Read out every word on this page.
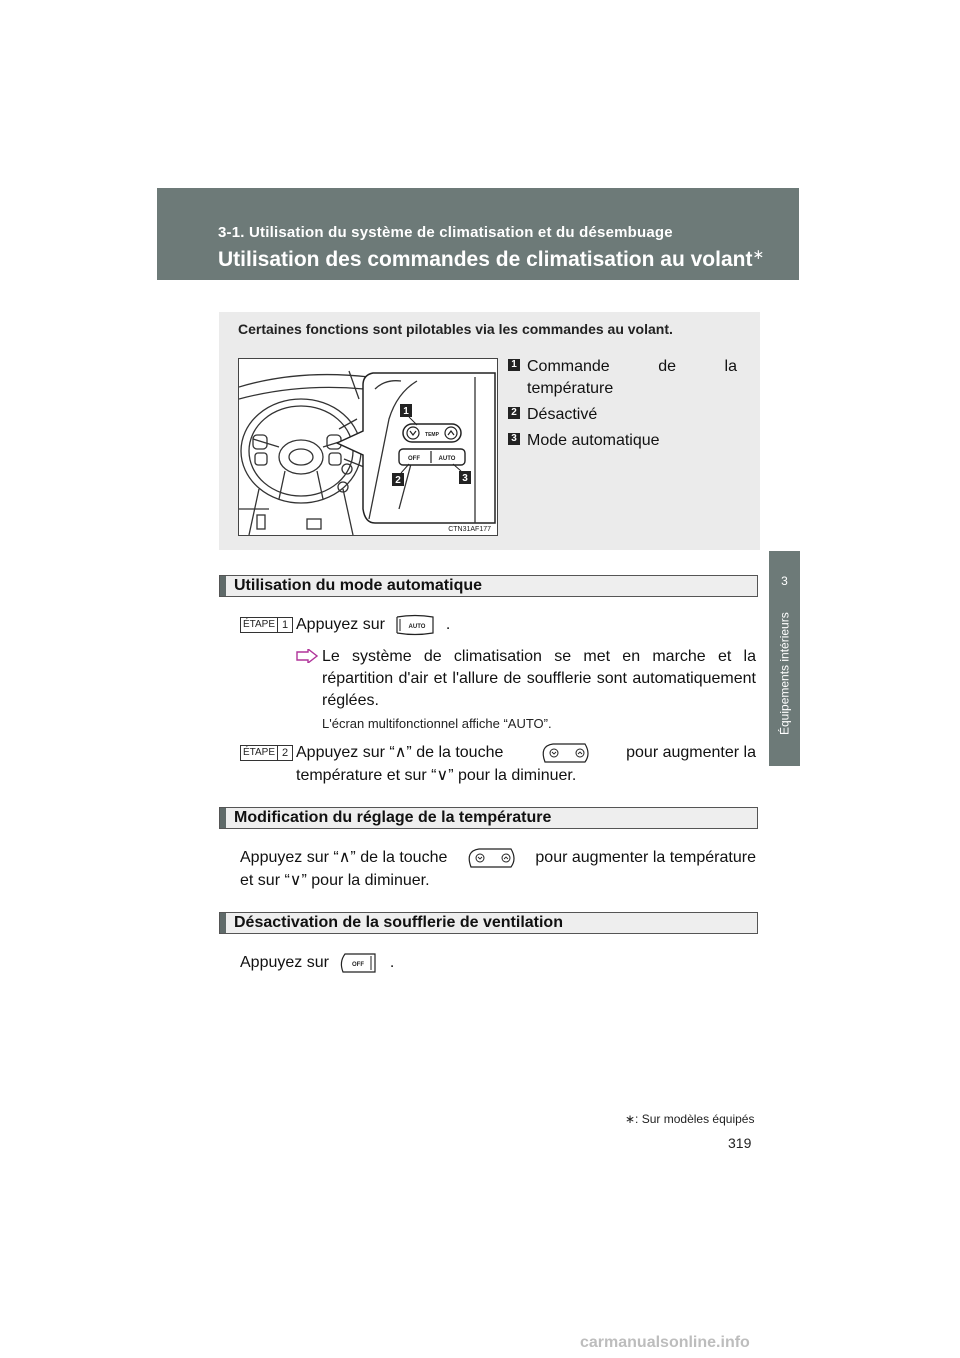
3-1. Utilisation du système de climatisation et du désembuage
Utilisation des commandes de climatisation au volant∗
3
Équipements intérieurs
Certaines fonctions sont pilotables via les commandes au volant.
TEMP
OFF	AUTO
1
2	3
CTN31AF177
1 Commande de la température
2 Désactivé
3 Mode automatique
Utilisation du mode automatique
ÉTAPE 1 Appuyez sur	AUTO .
Le système de climatisation se met en marche et la répartition d'air et l'allure de soufflerie sont automatiquement réglées.
L'écran multifonctionnel affiche “AUTO”.
ÉTAPE 2 Appuyez sur “∧” de la touche	pour augmenter la
température et sur “∨” pour la diminuer.
Modification du réglage de la température
Appuyez sur “∧” de la touche	pour augmenter la température
et sur “∨” pour la diminuer.
Désactivation de la soufflerie de ventilation
Appuyez sur	OFF .
∗: Sur modèles équipés
319
carmanualsonline.info
